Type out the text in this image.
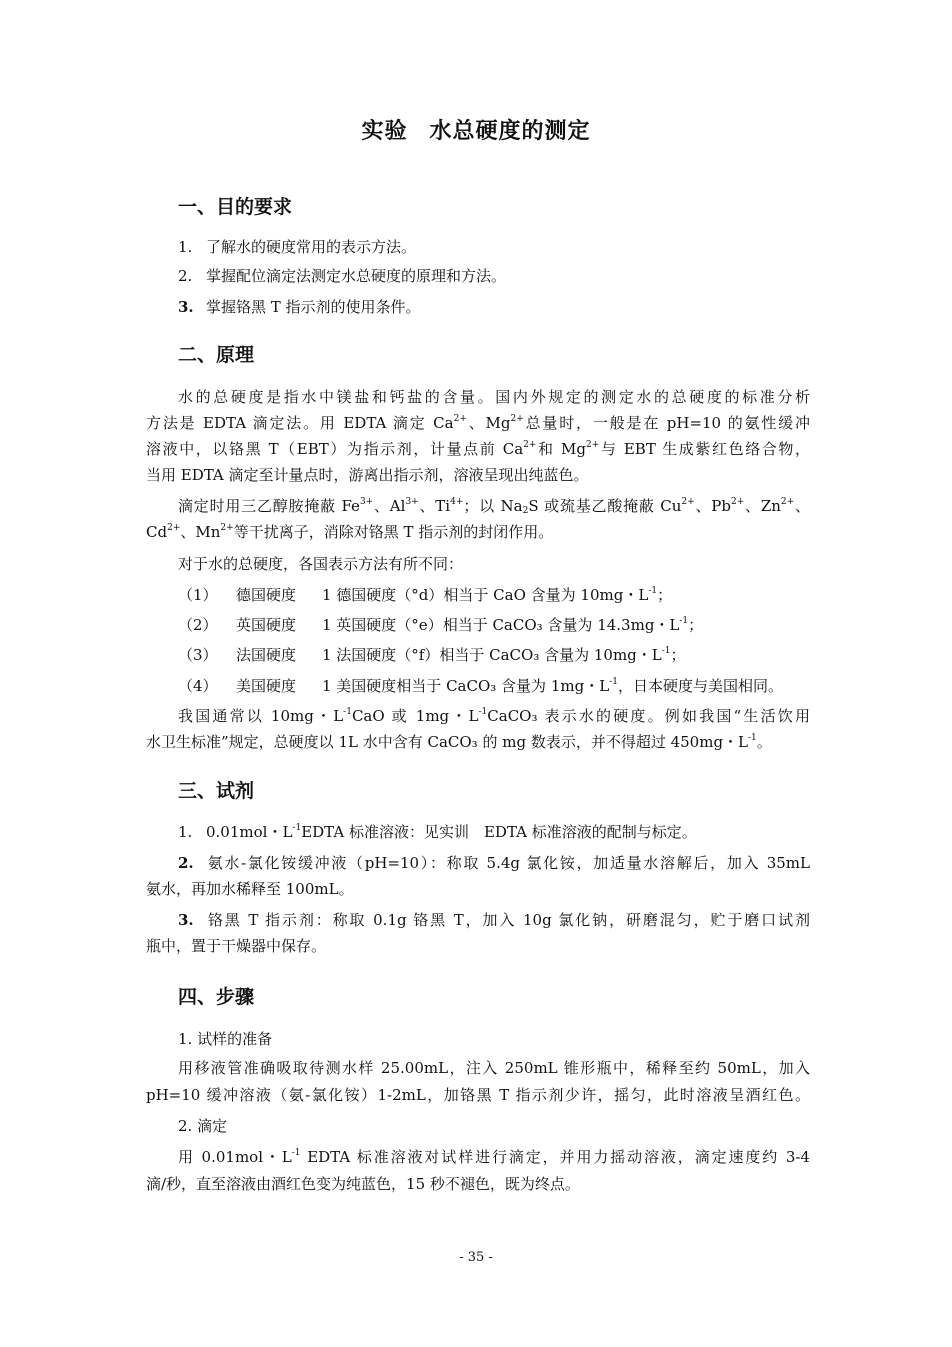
实验 水总硬度的测定
一、目的要求
1. 了解水的硬度常用的表示方法。
2. 掌握配位滴定法测定水总硬度的原理和方法。
3. 掌握铬黑 T 指示剂的使用条件。
二、原理
水的总硬度是指水中镁盐和钙盐的含量。国内外规定的测定水的总硬度的标准分析
方法是 EDTA 滴定法。用 EDTA 滴定 $Ca^{2+}$、$Mg^{2+}$总量时，一般是在 pH=10 的氨性缓冲
溶液中，以铬黑 T（EBT）为指示剂，计量点前 $Ca^{2+}$和 $Mg^{2+}$与 EBT 生成紫红色络合物，
当用 EDTA 滴定至计量点时，游离出指示剂，溶液呈现出纯蓝色。
滴定时用三乙醇胺掩蔽 $Fe^{3+}$、$Al^{3+}$、$Ti^{4+}$；以 $Na_2S$ 或巯基乙酸掩蔽 $Cu^{2+}$、$Pb^{2+}$、$Zn^{2+}$、
$Cd^{2+}$、$Mn^{2+}$等干扰离子，消除对铬黑 T 指示剂的封闭作用。
对于水的总硬度，各国表示方法有所不同：
（1） 德国硬度 1 德国硬度（°d）相当于 CaO 含量为 10mg・$L^{-1}$；
（2） 英国硬度 1 英国硬度（°e）相当于 CaCO₃ 含量为 14.3mg・$L^{-1}$；
（3） 法国硬度 1 法国硬度（°f）相当于 CaCO₃ 含量为 10mg・$L^{-1}$；
（4） 美国硬度 1 美国硬度相当于 CaCO₃ 含量为 1mg・$L^{-1}$，日本硬度与美国相同。
我国通常以 10mg・$L^{-1}CaO$ 或 1mg・$L^{-1}CaCO_3$ 表示水的硬度。例如我国“生活饮用
水卫生标准”规定，总硬度以 1L 水中含有 CaCO₃ 的 mg 数表示，并不得超过 450mg・$L^{-1}$。
三、试剂
1. 0.01mol・$L^{-1}EDTA$ 标准溶液：见实训　EDTA 标准溶液的配制与标定。
2. 氨水-氯化铵缓冲液（pH=10）：称取 5.4g 氯化铵，加适量水溶解后，加入 35mL
氨水，再加水稀释至 100mL。
3. 铬黑 T 指示剂：称取 0.1g 铬黑 T，加入 10g 氯化钠，研磨混匀，贮于磨口试剂
瓶中，置于干燥器中保存。
四、步骤
1. 试样的准备
用移液管准确吸取待测水样 25.00mL，注入 250mL 锥形瓶中，稀释至约 50mL，加入
pH=10 缓冲溶液（氨-氯化铵）1-2mL，加铬黑 T 指示剂少许，摇匀，此时溶液呈酒红色。
2. 滴定
用 0.01mol・$L^{-1}$ EDTA 标准溶液对试样进行滴定，并用力摇动溶液，滴定速度约 3-4
滴/秒，直至溶液由酒红色变为纯蓝色，15 秒不褪色，既为终点。
- 35 -
